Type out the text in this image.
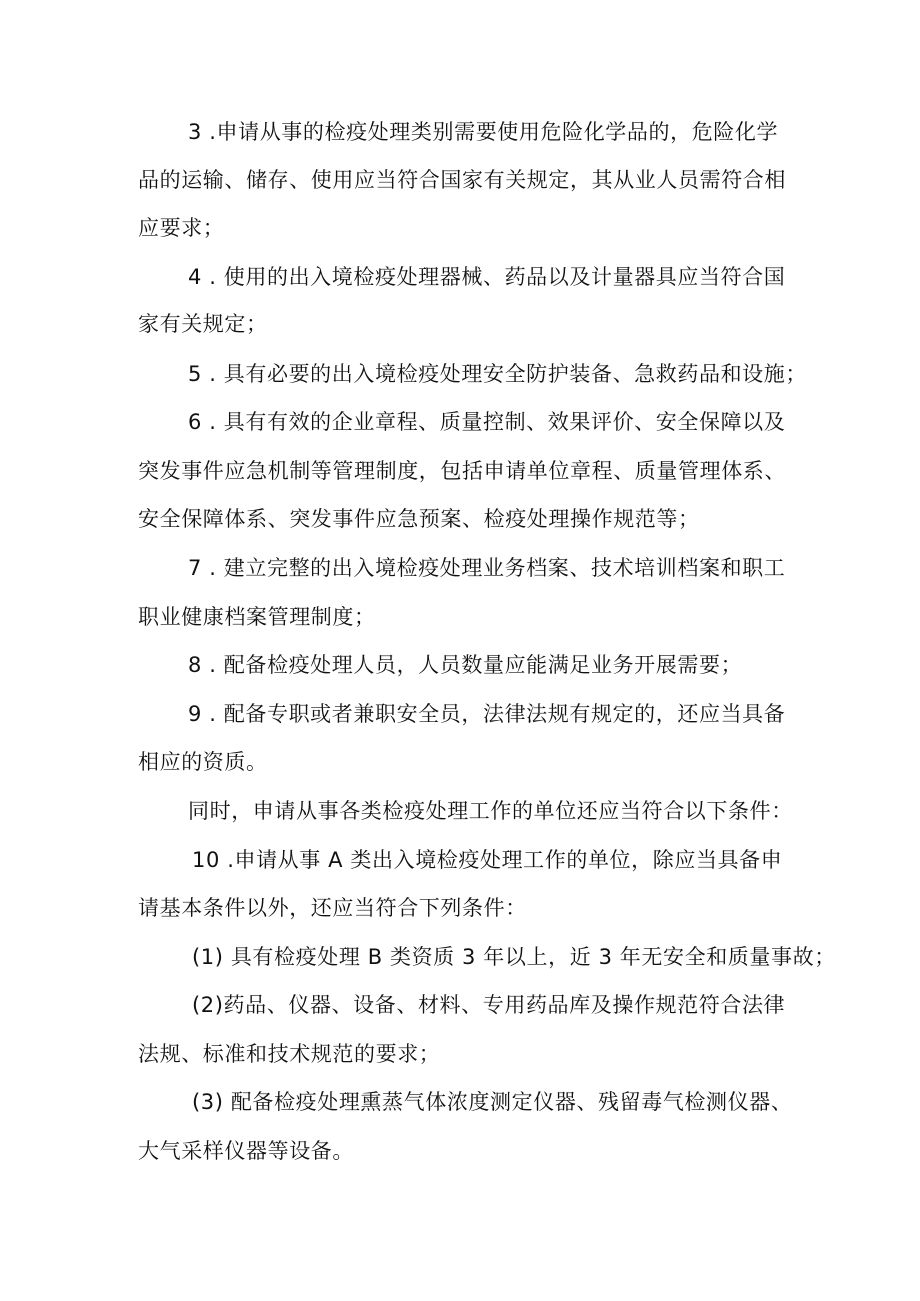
3 .申请从事的检疫处理类别需要使用危险化学品的，危险化学
品的运输、储存、使用应当符合国家有关规定，其从业人员需符合相
应要求；
4 . 使用的出入境检疫处理器械、药品以及计量器具应当符合国
家有关规定；
5 . 具有必要的出入境检疫处理安全防护装备、急救药品和设施；
6 . 具有有效的企业章程、质量控制、效果评价、安全保障以及
突发事件应急机制等管理制度，包括申请单位章程、质量管理体系、
安全保障体系、突发事件应急预案、检疫处理操作规范等；
7 . 建立完整的出入境检疫处理业务档案、技术培训档案和职工
职业健康档案管理制度；
8 . 配备检疫处理人员，人员数量应能满足业务开展需要；
9 . 配备专职或者兼职安全员，法律法规有规定的，还应当具备
相应的资质。
同时，申请从事各类检疫处理工作的单位还应当符合以下条件：
10 .申请从事 A 类出入境检疫处理工作的单位，除应当具备申
请基本条件以外，还应当符合下列条件：
(1) 具有检疫处理 B 类资质 3 年以上，近 3 年无安全和质量事故；
(2)药品、仪器、设备、材料、专用药品库及操作规范符合法律
法规、标准和技术规范的要求；
(3) 配备检疫处理熏蒸气体浓度测定仪器、残留毒气检测仪器、
大气采样仪器等设备。
